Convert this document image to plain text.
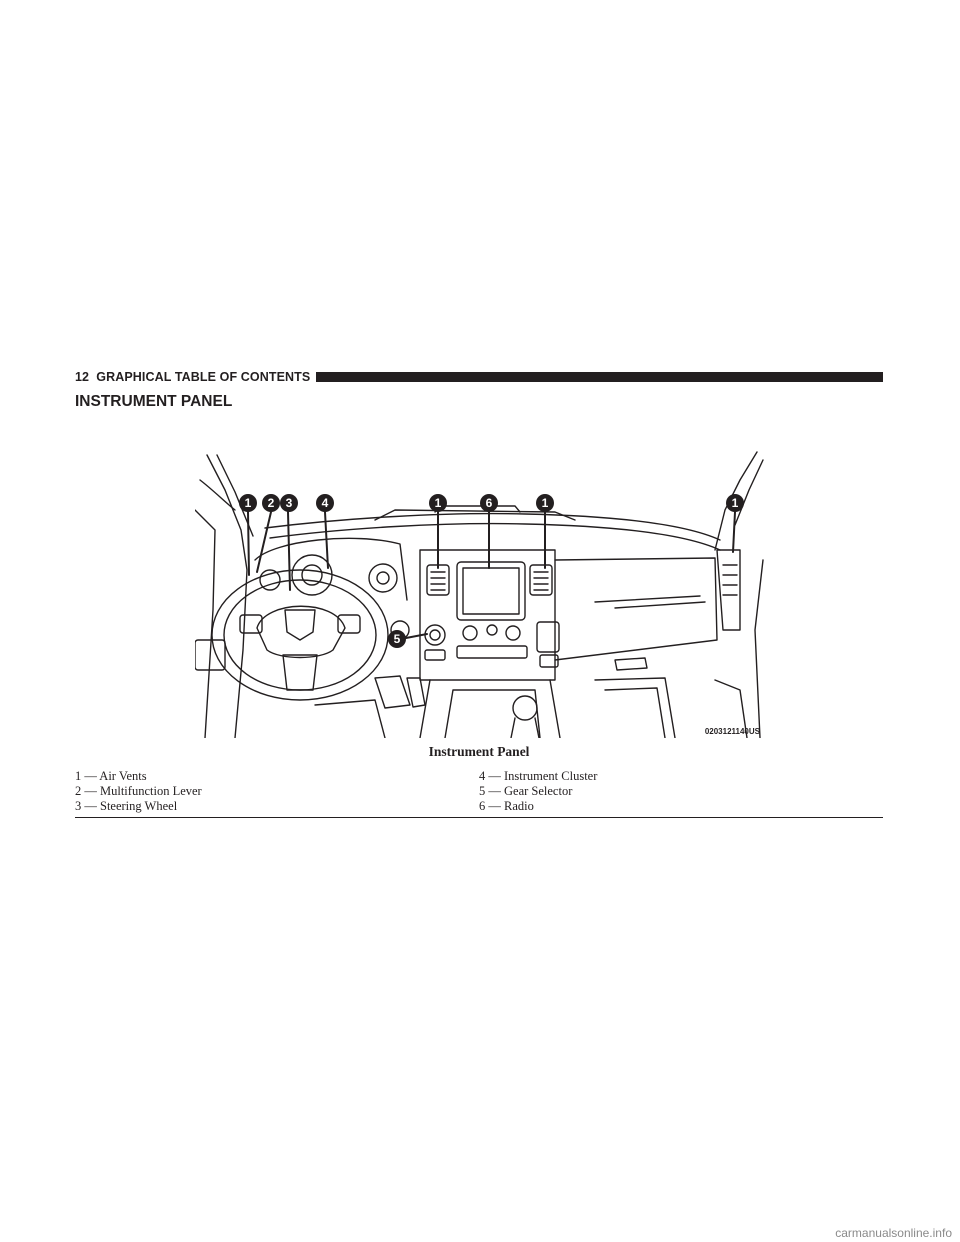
12 GRAPHICAL TABLE OF CONTENTS
INSTRUMENT PANEL
1 2 3 4	1	6	1	1
5
0203121140US
Instrument Panel
1 — Air Vents
2 — Multifunction Lever
3 — Steering Wheel
4 — Instrument Cluster
5 — Gear Selector
6 — Radio
carmanualsonline.info
